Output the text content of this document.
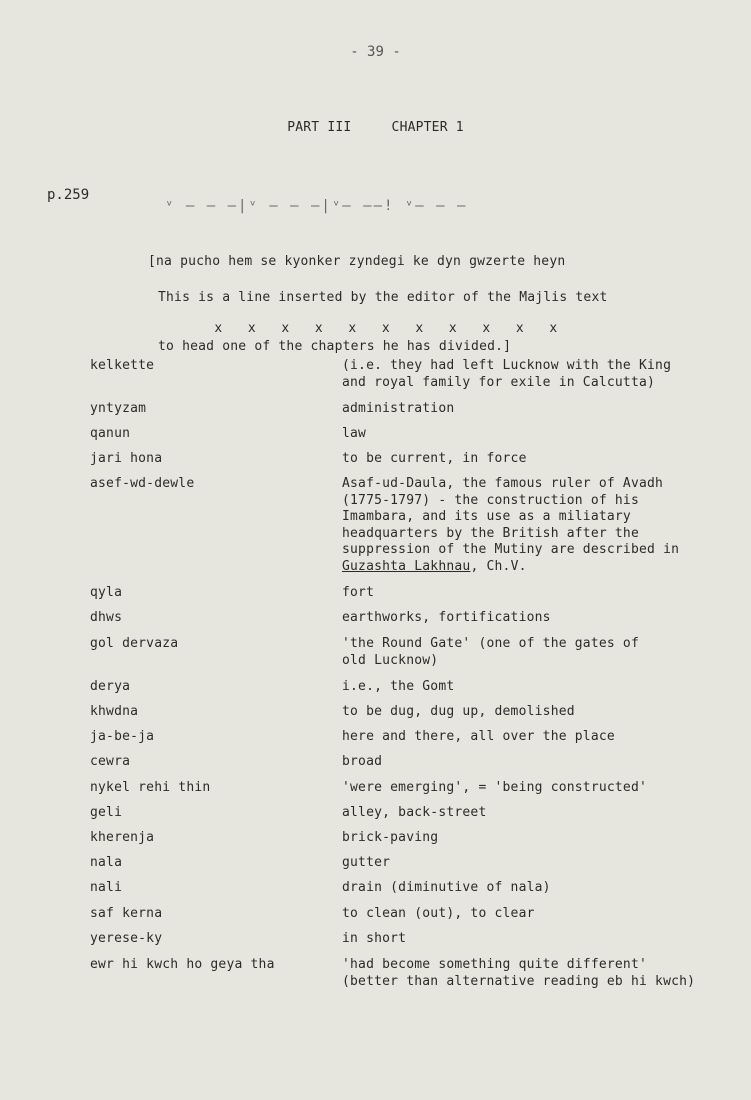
- 39 -
PART III     CHAPTER 1
p.259
ᵛ — — —|ᵛ — — —|ᵛ— ——! ᵛ— — —

[na pucho hem se kyonker zyndegi ke dyn gwzerte heyn

This is a line inserted by the editor of the Majlis text

to head one of the chapters he has divided.]

x x x x x x x x x x x

kelkette	(i.e. they had left Lucknow with the King
and royal family for exile in Calcutta)
yntyzam	administration
qanun	law
jari hona	to be current, in force
asef-wd-dewle	Asaf-ud-Daula, the famous ruler of Avadh
(1775-1797) - the construction of his
Imambara, and its use as a miliatary
headquarters by the British after the
suppression of the Mutiny are described in
Guzashta Lakhnau, Ch.V.
qyla	fort
dhws	earthworks, fortifications
gol dervaza	'the Round Gate' (one of the gates of
old Lucknow)
derya	i.e., the Gomt
khwdna	to be dug, dug up, demolished
ja-be-ja	here and there, all over the place
cewra	broad
nykel rehi thin	'were emerging', = 'being constructed'
geli	alley, back-street
kherenja	brick-paving
nala	gutter
nali	drain (diminutive of nala)
saf kerna	to clean (out), to clear
yerese-ky	in short
ewr hi kwch ho geya tha	'had become something quite different'
(better than alternative reading eb hi kwch)
